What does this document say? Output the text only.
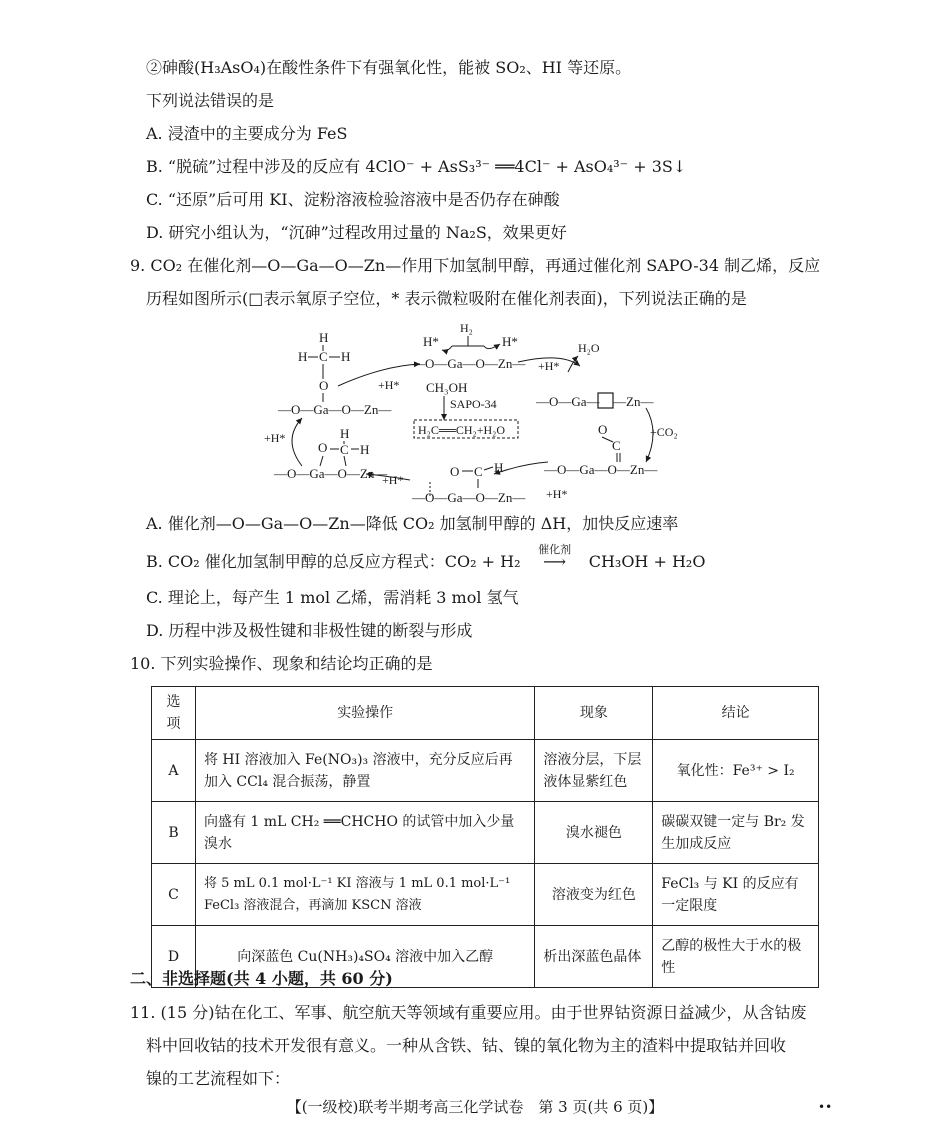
②砷酸(H₃AsO₄)在酸性条件下有强氧化性，能被 SO₂、HI 等还原。
下列说法错误的是
A. 浸渣中的主要成分为 FeS
B. “脱硫”过程中涉及的反应有 4ClO⁻ + AsS₃³⁻ ══4Cl⁻ + AsO₄³⁻ + 3S↓
C. “还原”后可用 KI、淀粉溶液检验溶液中是否仍存在砷酸
D. 研究小组认为，“沉砷”过程改用过量的 Na₂S，效果更好
9. CO₂ 在催化剂—O—Ga—O—Zn—作用下加氢制甲醇，再通过催化剂 SAPO-34 制乙烯，反应
历程如图所示(□表示氧原子空位，* 表示微粒吸附在催化剂表面)，下列说法正确的是
H
H C H
O
—O—Ga—O—Zn—
H*
H₂
H*
—O—Ga—O—Zn—
+H* CH₃OH
SAPO-34
H₂C══CH₂+H₂O
+H*
H₂O
—O—Ga— —Zn—
+CO₂
O
C
—O—Ga—O—Zn—
+H*
O C H
—O—Ga—O—Zn—
+H*
O
H
C H
—O—Ga—O—Zn—
+H*
A. 催化剂—O—Ga—O—Zn—降低 CO₂ 加氢制甲醇的 ΔH，加快反应速率
B. CO₂ 催化加氢制甲醇的总反应方程式：CO₂ + H₂
催化剂
⟶ CH₃OH + H₂O
C. 理论上，每产生 1 mol 乙烯，需消耗 3 mol 氢气
D. 历程中涉及极性键和非极性键的断裂与形成
10. 下列实验操作、现象和结论均正确的是
选项	实验操作	现象	结论
A	将 HI 溶液加入 Fe(NO₃)₃ 溶液中，充分反应后再
加入 CCl₄ 混合振荡，静置	溶液分层，下层液体显紫红色	氧化性：Fe³⁺ > I₂
B	向盛有 1 mL CH₂ ══CHCHO 的试管中加入少量
溴水	溴水褪色	碳碳双键一定与 Br₂ 发生加成反应
C	将 5 mL 0.1 mol·L⁻¹ KI 溶液与 1 mL 0.1 mol·L⁻¹
FeCl₃ 溶液混合，再滴加 KSCN 溶液	溶液变为红色	FeCl₃ 与 KI 的反应有一定限度
D	向深蓝色 Cu(NH₃)₄SO₄ 溶液中加入乙醇	析出深蓝色晶体	乙醇的极性大于水的极性
二、非选择题(共 4 小题，共 60 分)
11. (15 分)钴在化工、军事、航空航天等领域有重要应用。由于世界钴资源日益减少，从含钴废
料中回收钴的技术开发很有意义。一种从含铁、钴、镍的氧化物为主的渣料中提取钴并回收
镍的工艺流程如下：
【(一级校)联考半期考高三化学试卷　第 3 页(共 6 页)】	••
